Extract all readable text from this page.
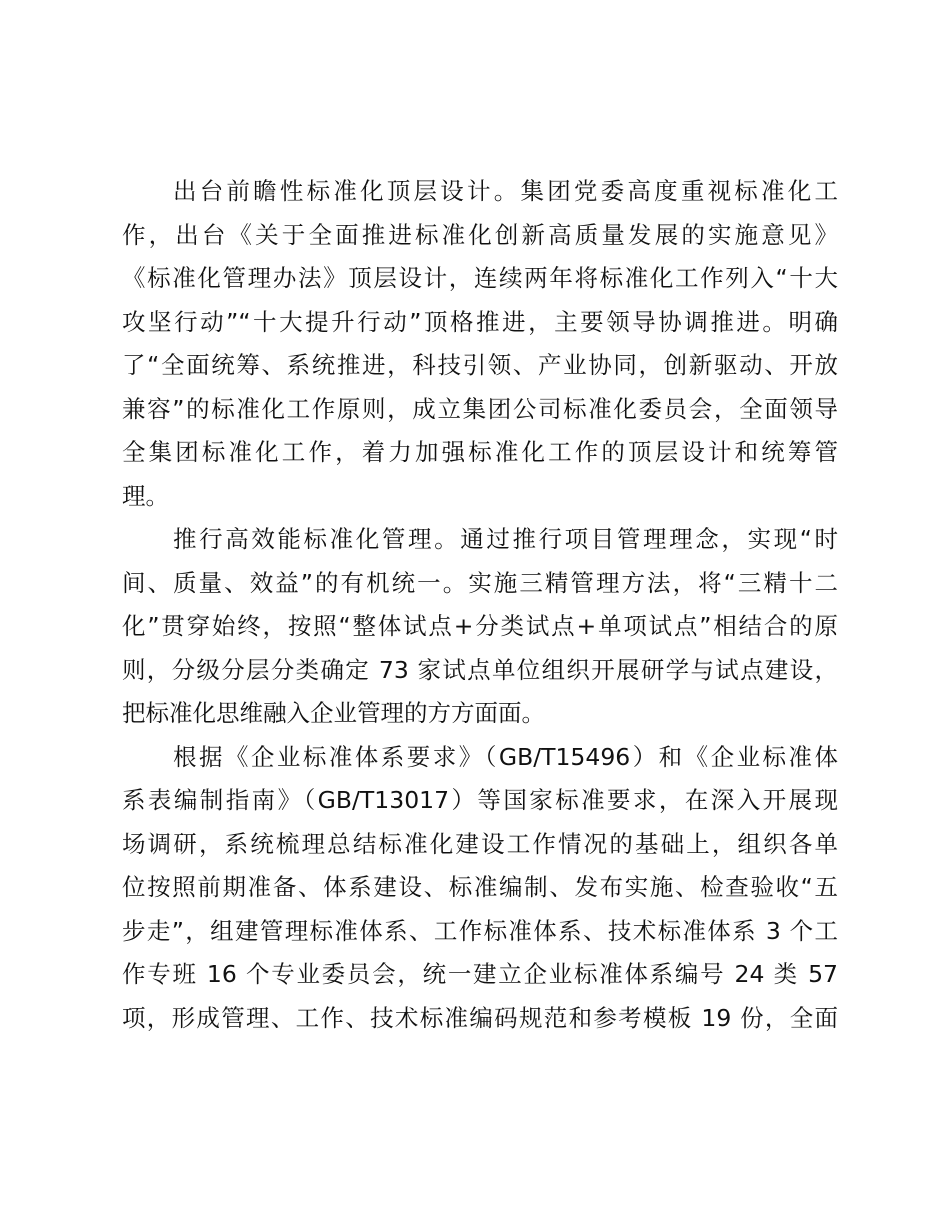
出台前瞻性标准化顶层设计。集团党委高度重视标准化工
作，出台《关于全面推进标准化创新高质量发展的实施意见》
《标准化管理办法》顶层设计，连续两年将标准化工作列入“十大
攻坚行动”“十大提升行动”顶格推进，主要领导协调推进。明确
了“全面统筹、系统推进，科技引领、产业协同，创新驱动、开放
兼容”的标准化工作原则，成立集团公司标准化委员会，全面领导
全集团标准化工作，着力加强标准化工作的顶层设计和统筹管
理。
推行高效能标准化管理。通过推行项目管理理念，实现“时
间、质量、效益”的有机统一。实施三精管理方法，将“三精十二
化”贯穿始终，按照“整体试点+分类试点+单项试点”相结合的原
则，分级分层分类确定 73 家试点单位组织开展研学与试点建设，
把标准化思维融入企业管理的方方面面。
根据《企业标准体系要求》（GB/T15496）和《企业标准体
系表编制指南》（GB/T13017）等国家标准要求，在深入开展现
场调研，系统梳理总结标准化建设工作情况的基础上，组织各单
位按照前期准备、体系建设、标准编制、发布实施、检查验收“五
步走”，组建管理标准体系、工作标准体系、技术标准体系 3 个工
作专班 16 个专业委员会，统一建立企业标准体系编号 24 类 57
项，形成管理、工作、技术标准编码规范和参考模板 19 份，全面
